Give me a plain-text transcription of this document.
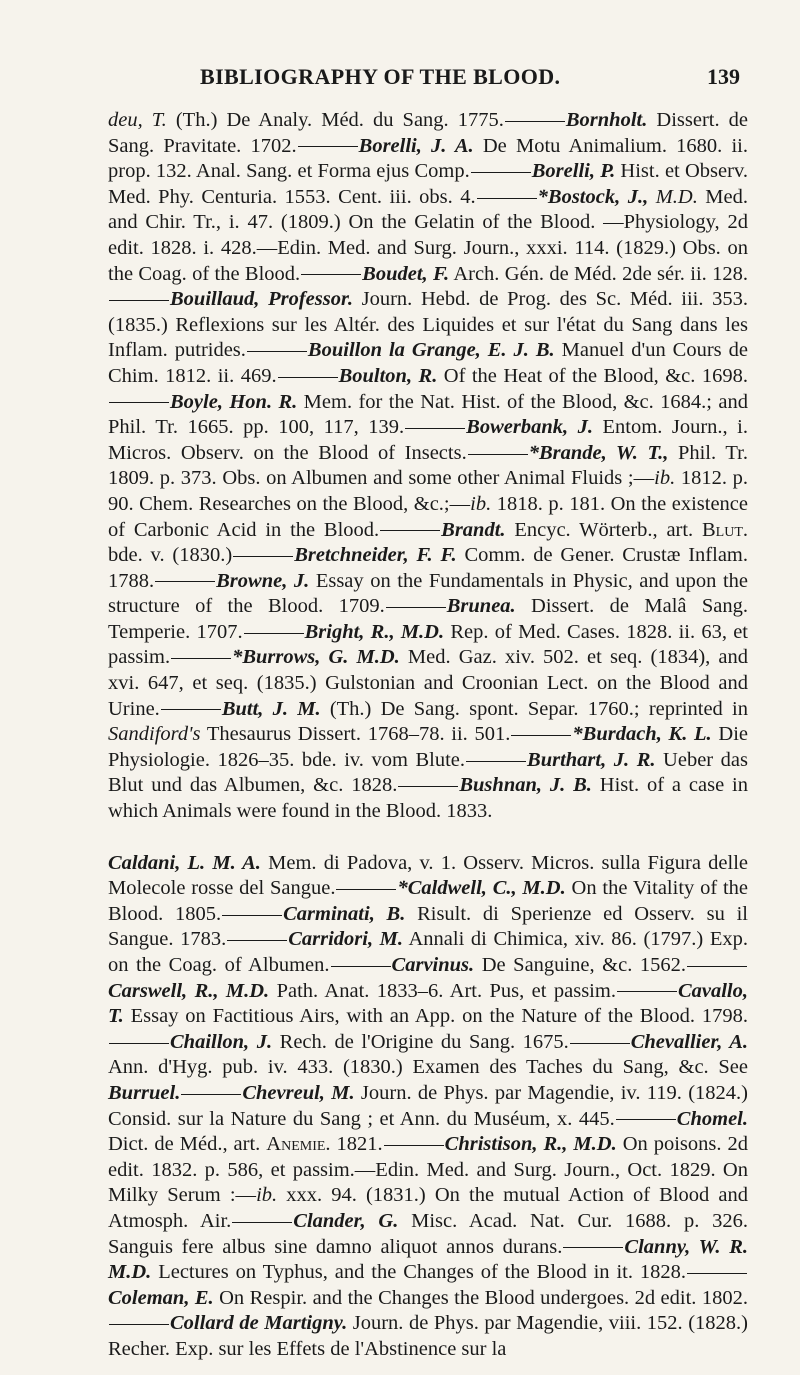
BIBLIOGRAPHY OF THE BLOOD.	139

deu, T. (Th.) De Analy. Méd. du Sang. 1775.	Bornholt. Dissert. de Sang. Pravitate. 1702.	Borelli, J. A. De Motu Animalium. 1680. ii. prop. 132. Anal. Sang. et Forma ejus Comp.	Borelli, P. Hist. et Observ. Med. Phy. Centuria. 1553. Cent. iii. obs. 4.	*Bostock, J., M.D. Med. and Chir. Tr., i. 47. (1809.) On the Gelatin of the Blood. —Physiology, 2d edit. 1828. i. 428.—Edin. Med. and Surg. Journ., xxxi. 114. (1829.) Obs. on the Coag. of the Blood.	Boudet, F. Arch. Gén. de Méd. 2de sér. ii. 128.Bouillaud, Professor. Journ. Hebd. de Prog. des Sc. Méd. iii. 353. (1835.) Reflexions sur les Altér. des Liquides et sur l'état du Sang dans les Inflam. putrides.	Bouillon la Grange, E. J. B. Manuel d'un Cours de Chim. 1812. ii. 469.	Boulton, R. Of the Heat of the Blood, &c. 1698.Boyle, Hon. R. Mem. for the Nat. Hist. of the Blood, &c. 1684.; and Phil. Tr. 1665. pp. 100, 117, 139.	Bowerbank, J. Entom. Journ., i. Micros. Observ. on the Blood of Insects.	*Brande, W. T., Phil. Tr. 1809. p. 373. Obs. on Albumen and some other Animal Fluids ;—ib. 1812. p. 90. Chem. Researches on the Blood, &c.;—ib. 1818. p. 181. On the existence of Carbonic Acid in the Blood.	Brandt. Encyc. Wörterb., art. Blut. bde. v. (1830.)	Bretchneider, F. F. Comm. de Gener. Crustæ Inflam. 1788.	Browne, J. Essay on the Fundamentals in Physic, and upon the structure of the Blood. 1709.	Brunea. Dissert. de Malâ Sang. Temperie. 1707.	Bright, R., M.D. Rep. of Med. Cases. 1828. ii. 63, et passim.	*Burrows, G. M.D. Med. Gaz. xiv. 502. et seq. (1834), and xvi. 647, et seq. (1835.) Gulstonian and Croonian Lect. on the Blood and Urine.	Butt, J. M. (Th.) De Sang. spont. Separ. 1760.; reprinted in Sandiford's Thesaurus Dissert. 1768–78. ii. 501.	*Burdach, K. L. Die Physiologie. 1826–35. bde. iv. vom Blute.	Burthart, J. R. Ueber das Blut und das Albumen, &c. 1828.	Bushnan, J. B. Hist. of a case in which Animals were found in the Blood. 1833.

Caldani, L. M. A. Mem. di Padova, v. 1. Osserv. Micros. sulla Figura delle Molecole rosse del Sangue.	*Caldwell, C., M.D. On the Vitality of the Blood. 1805.	Carminati, B. Risult. di Sperienze ed Osserv. su il Sangue. 1783.	Carridori, M. Annali di Chimica, xiv. 86. (1797.) Exp. on the Coag. of Albumen.	Carvinus. De Sanguine, &c. 1562.Carswell, R., M.D. Path. Anat. 1833–6. Art. Pus, et passim.	Cavallo, T. Essay on Factitious Airs, with an App. on the Nature of the Blood. 1798.Chaillon, J. Rech. de l'Origine du Sang. 1675.	Chevallier, A. Ann. d'Hyg. pub. iv. 433. (1830.) Examen des Taches du Sang, &c. See Burruel.	Chevreul, M. Journ. de Phys. par Magendie, iv. 119. (1824.) Consid. sur la Nature du Sang ; et Ann. du Muséum, x. 445.	Chomel. Dict. de Méd., art. Anemie. 1821.	Christison, R., M.D. On poisons. 2d edit. 1832. p. 586, et passim.—Edin. Med. and Surg. Journ., Oct. 1829. On Milky Serum :—ib. xxx. 94. (1831.) On the mutual Action of Blood and Atmosph. Air.	Clander, G. Misc. Acad. Nat. Cur. 1688. p. 326. Sanguis fere albus sine damno aliquot annos durans.	Clanny, W. R. M.D. Lectures on Typhus, and the Changes of the Blood in it. 1828.Coleman, E. On Respir. and the Changes the Blood undergoes. 2d edit. 1802.Collard de Martigny. Journ. de Phys. par Magendie, viii. 152. (1828.) Recher. Exp. sur les Effets de l'Abstinence sur la
